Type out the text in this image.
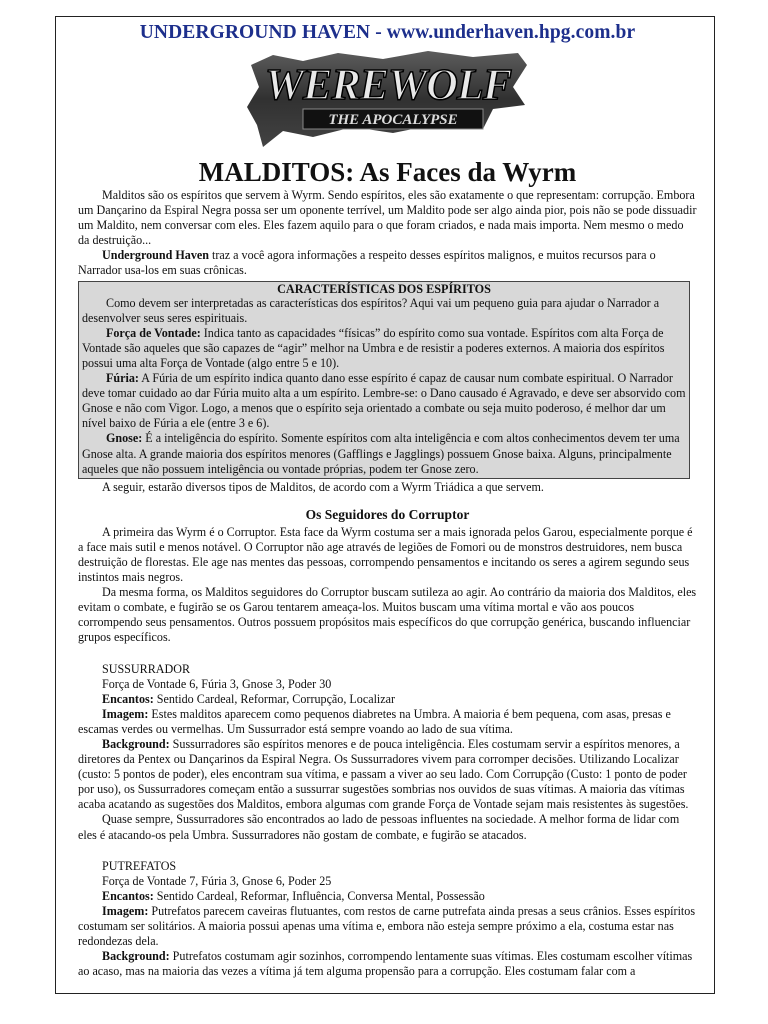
UNDERGROUND HAVEN - www.underhaven.hpg.com.br
WEREWOLF
THE APOCALYPSE
MALDITOS: As Faces da Wyrm

Malditos são os espíritos que servem à Wyrm. Sendo espíritos, eles são exatamente o que representam: corrupção. Embora um Dançarino da Espiral Negra possa ser um oponente terrível, um Maldito pode ser algo ainda pior, pois não se pode dissuadir um Maldito, nem conversar com eles. Eles fazem aquilo para o que foram criados, e nada mais importa. Nem mesmo o medo da destruição...

Underground Haven traz a você agora informações a respeito desses espíritos malignos, e muitos recursos para o Narrador usa-los em suas crônicas.

CARACTERÍSTICAS DOS ESPÍRITOS

Como devem ser interpretadas as características dos espíritos? Aqui vai um pequeno guia para ajudar o Narrador a desenvolver seus seres espirituais.

Força de Vontade: Indica tanto as capacidades “físicas” do espírito como sua vontade. Espíritos com alta Força de Vontade são aqueles que são capazes de “agir” melhor na Umbra e de resistir a poderes externos. A maioria dos espíritos possui uma alta Força de Vontade (algo entre 5 e 10).

Fúria: A Fúria de um espírito indica quanto dano esse espírito é capaz de causar num combate espiritual. O Narrador deve tomar cuidado ao dar Fúria muito alta a um espírito. Lembre-se: o Dano causado é Agravado, e deve ser absorvido com Gnose e não com Vigor. Logo, a menos que o espírito seja orientado a combate ou seja muito poderoso, é melhor dar um nível baixo de Fúria a ele (entre 3 e 6).

Gnose: É a inteligência do espírito. Somente espíritos com alta inteligência e com altos conhecimentos devem ter uma Gnose alta. A grande maioria dos espíritos menores (Gafflings e Jagglings) possuem Gnose baixa. Alguns, principalmente aqueles que não possuem inteligência ou vontade próprias, podem ter Gnose zero.

A seguir, estarão diversos tipos de Malditos, de acordo com a Wyrm Triádica a que servem.

Os Seguidores do Corruptor

A primeira das Wyrm é o Corruptor. Esta face da Wyrm costuma ser a mais ignorada pelos Garou, especialmente porque é a face mais sutil e menos notável. O Corruptor não age através de legiões de Fomori ou de monstros destruidores, nem busca destruição de florestas. Ele age nas mentes das pessoas, corrompendo pensamentos e incitando os seres a agirem segundo seus instintos mais negros.

Da mesma forma, os Malditos seguidores do Corruptor buscam sutileza ao agir. Ao contrário da maioria dos Malditos, eles evitam o combate, e fugirão se os Garou tentarem ameaça-los. Muitos buscam uma vítima mortal e vão aos poucos corrompendo seus pensamentos. Outros possuem propósitos mais específicos do que corrupção genérica, buscando influenciar grupos específicos.

SUSSURRADOR

Força de Vontade 6, Fúria 3, Gnose 3, Poder 30

Encantos: Sentido Cardeal, Reformar, Corrupção, Localizar

Imagem: Estes malditos aparecem como pequenos diabretes na Umbra. A maioria é bem pequena, com asas, presas e escamas verdes ou vermelhas. Um Sussurrador está sempre voando ao lado de sua vítima.

Background: Sussurradores são espíritos menores e de pouca inteligência. Eles costumam servir a espíritos menores, a diretores da Pentex ou Dançarinos da Espiral Negra. Os Sussurradores vivem para corromper decisões. Utilizando Localizar (custo: 5 pontos de poder), eles encontram sua vítima, e passam a viver ao seu lado. Com Corrupção (Custo: 1 ponto de poder por uso), os Sussurradores começam então a sussurrar sugestões sombrias nos ouvidos de suas vítimas. A maioria das vítimas acaba acatando as sugestões dos Malditos, embora algumas com grande Força de Vontade sejam mais resistentes às sugestões.

Quase sempre, Sussurradores são encontrados ao lado de pessoas influentes na sociedade. A melhor forma de lidar com eles é atacando-os pela Umbra. Sussurradores não gostam de combate, e fugirão se atacados.

PUTREFATOS

Força de Vontade 7, Fúria 3, Gnose 6, Poder 25

Encantos: Sentido Cardeal, Reformar, Influência, Conversa Mental, Possessão

Imagem: Putrefatos parecem caveiras flutuantes, com restos de carne putrefata ainda presas a seus crânios. Esses espíritos costumam ser solitários. A maioria possui apenas uma vítima e, embora não esteja sempre próximo a ela, costuma estar nas redondezas dela.

Background: Putrefatos costumam agir sozinhos, corrompendo lentamente suas vítimas. Eles costumam escolher vítimas ao acaso, mas na maioria das vezes a vítima já tem alguma propensão para a corrupção. Eles costumam falar com a
